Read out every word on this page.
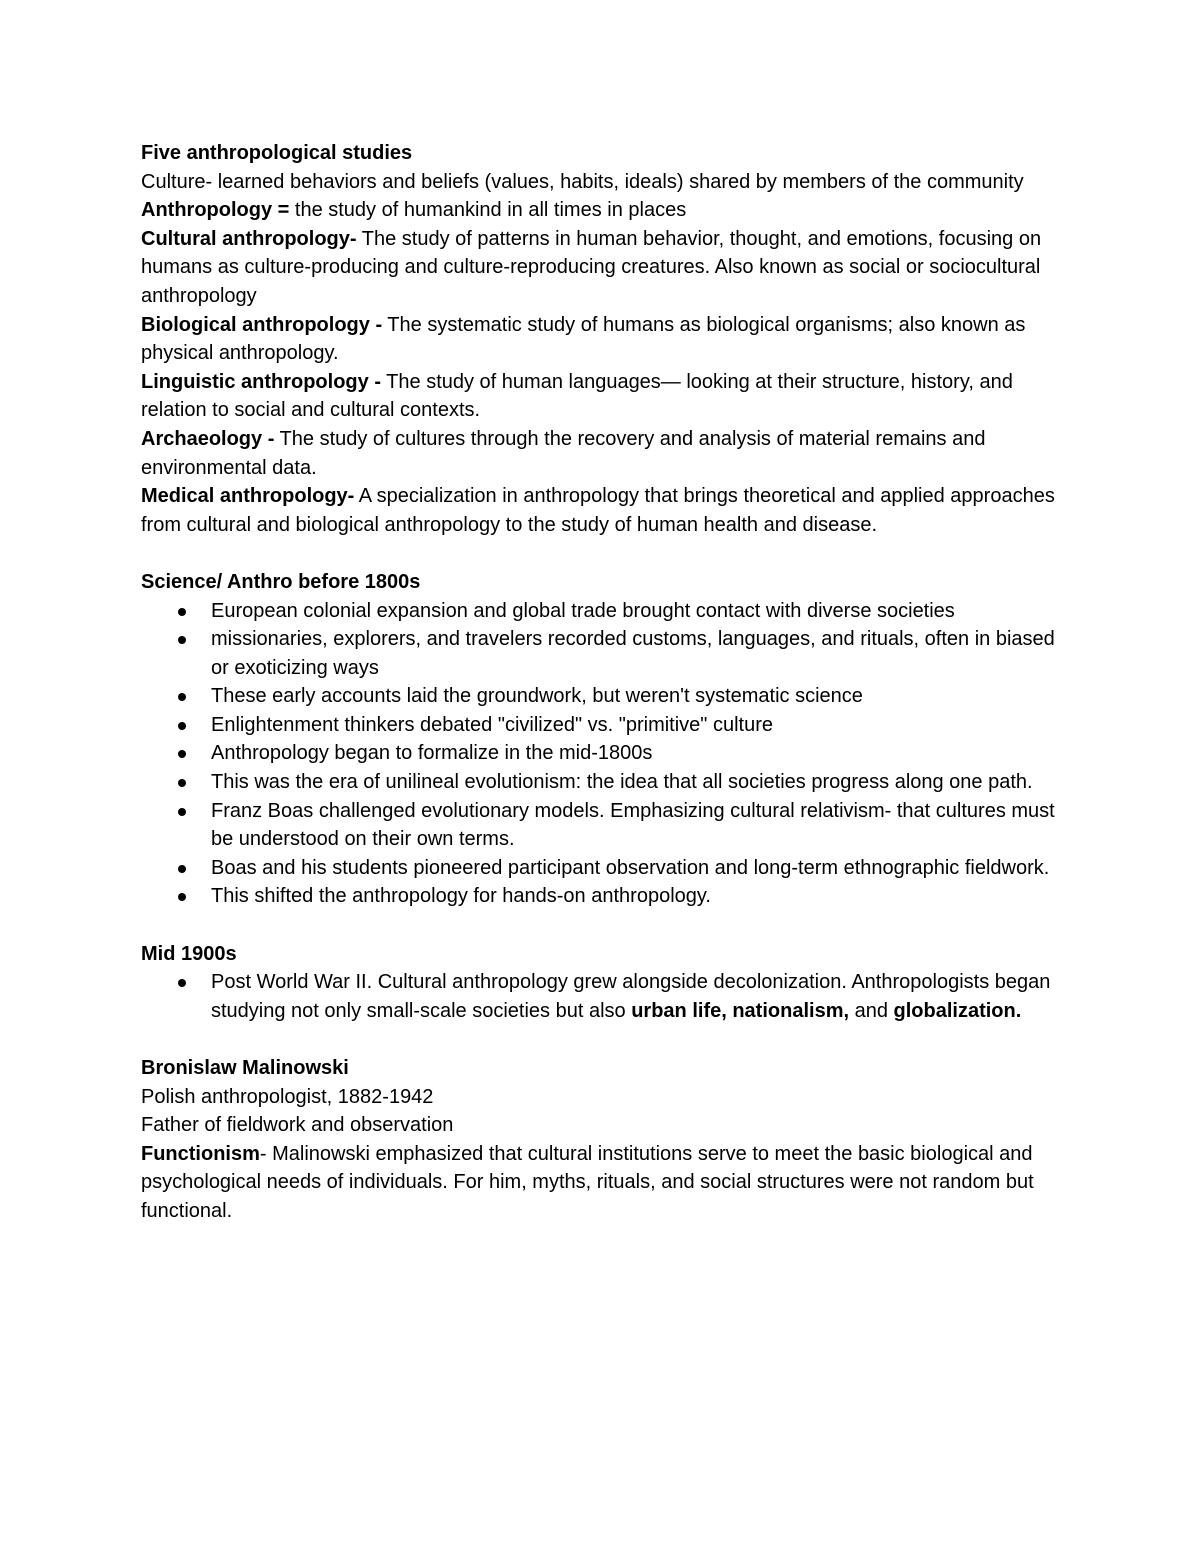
Five anthropological studies

Culture- learned behaviors and beliefs (values, habits, ideals) shared by members of the community

Anthropology = the study of humankind in all times in places

Cultural anthropology- The study of patterns in human behavior, thought, and emotions, focusing on humans as culture-producing and culture-reproducing creatures. Also known as social or sociocultural anthropology

Biological anthropology - The systematic study of humans as biological organisms; also known as physical anthropology.

Linguistic anthropology - The study of human languages— looking at their structure, history, and relation to social and cultural contexts.

Archaeology - The study of cultures through the recovery and analysis of material remains and environmental data.

Medical anthropology- A specialization in anthropology that brings theoretical and applied approaches from cultural and biological anthropology to the study of human health and disease.

Science/ Anthro before 1800s

European colonial expansion and global trade brought contact with diverse societies
missionaries, explorers, and travelers recorded customs, languages, and rituals, often in biased or exoticizing ways
These early accounts laid the groundwork, but weren't systematic science
Enlightenment thinkers debated "civilized" vs. "primitive" culture
Anthropology began to formalize in the mid-1800s
This was the era of unilineal evolutionism: the idea that all societies progress along one path.
Franz Boas challenged evolutionary models. Emphasizing cultural relativism- that cultures must be understood on their own terms.
Boas and his students pioneered participant observation and long-term ethnographic fieldwork.
This shifted the anthropology for hands-on anthropology.

Mid 1900s

Post World War II. Cultural anthropology grew alongside decolonization. Anthropologists began studying not only small-scale societies but also urban life, nationalism, and globalization.

Bronislaw Malinowski

Polish anthropologist, 1882-1942

Father of fieldwork and observation

Functionism- Malinowski emphasized that cultural institutions serve to meet the basic biological and psychological needs of individuals. For him, myths, rituals, and social structures were not random but functional.
